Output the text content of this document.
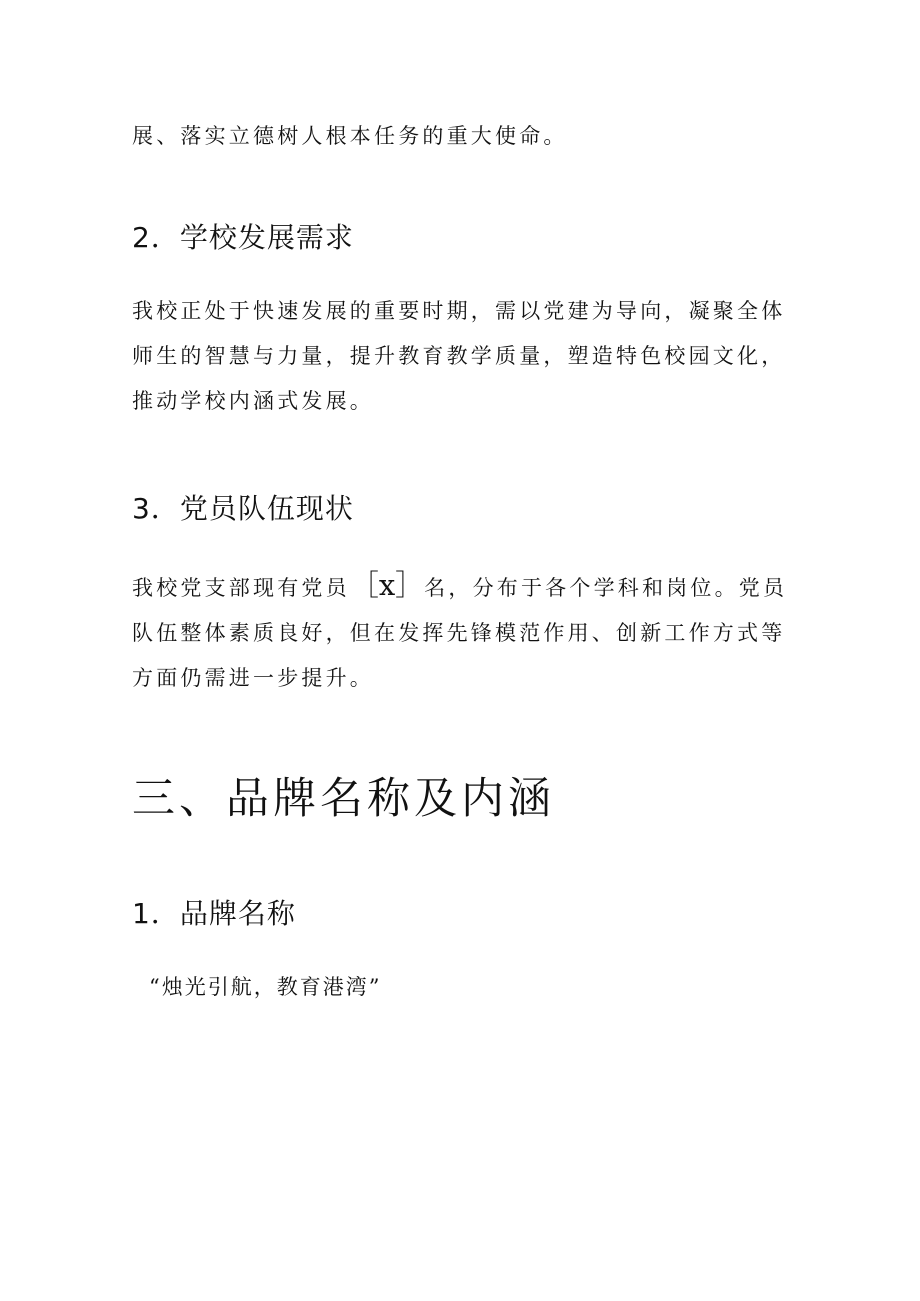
展、落实立德树人根本任务的重大使命。
2．学校发展需求
我校正处于快速发展的重要时期，需以党建为导向，凝聚全体师生的智慧与力量，提升教育教学质量，塑造特色校园文化，推动学校内涵式发展。
3．党员队伍现状
我校党支部现有党员［x］名，分布于各个学科和岗位。党员队伍整体素质良好，但在发挥先锋模范作用、创新工作方式等方面仍需进一步提升。
三、品牌名称及内涵
1．品牌名称
“烛光引航，教育港湾”
